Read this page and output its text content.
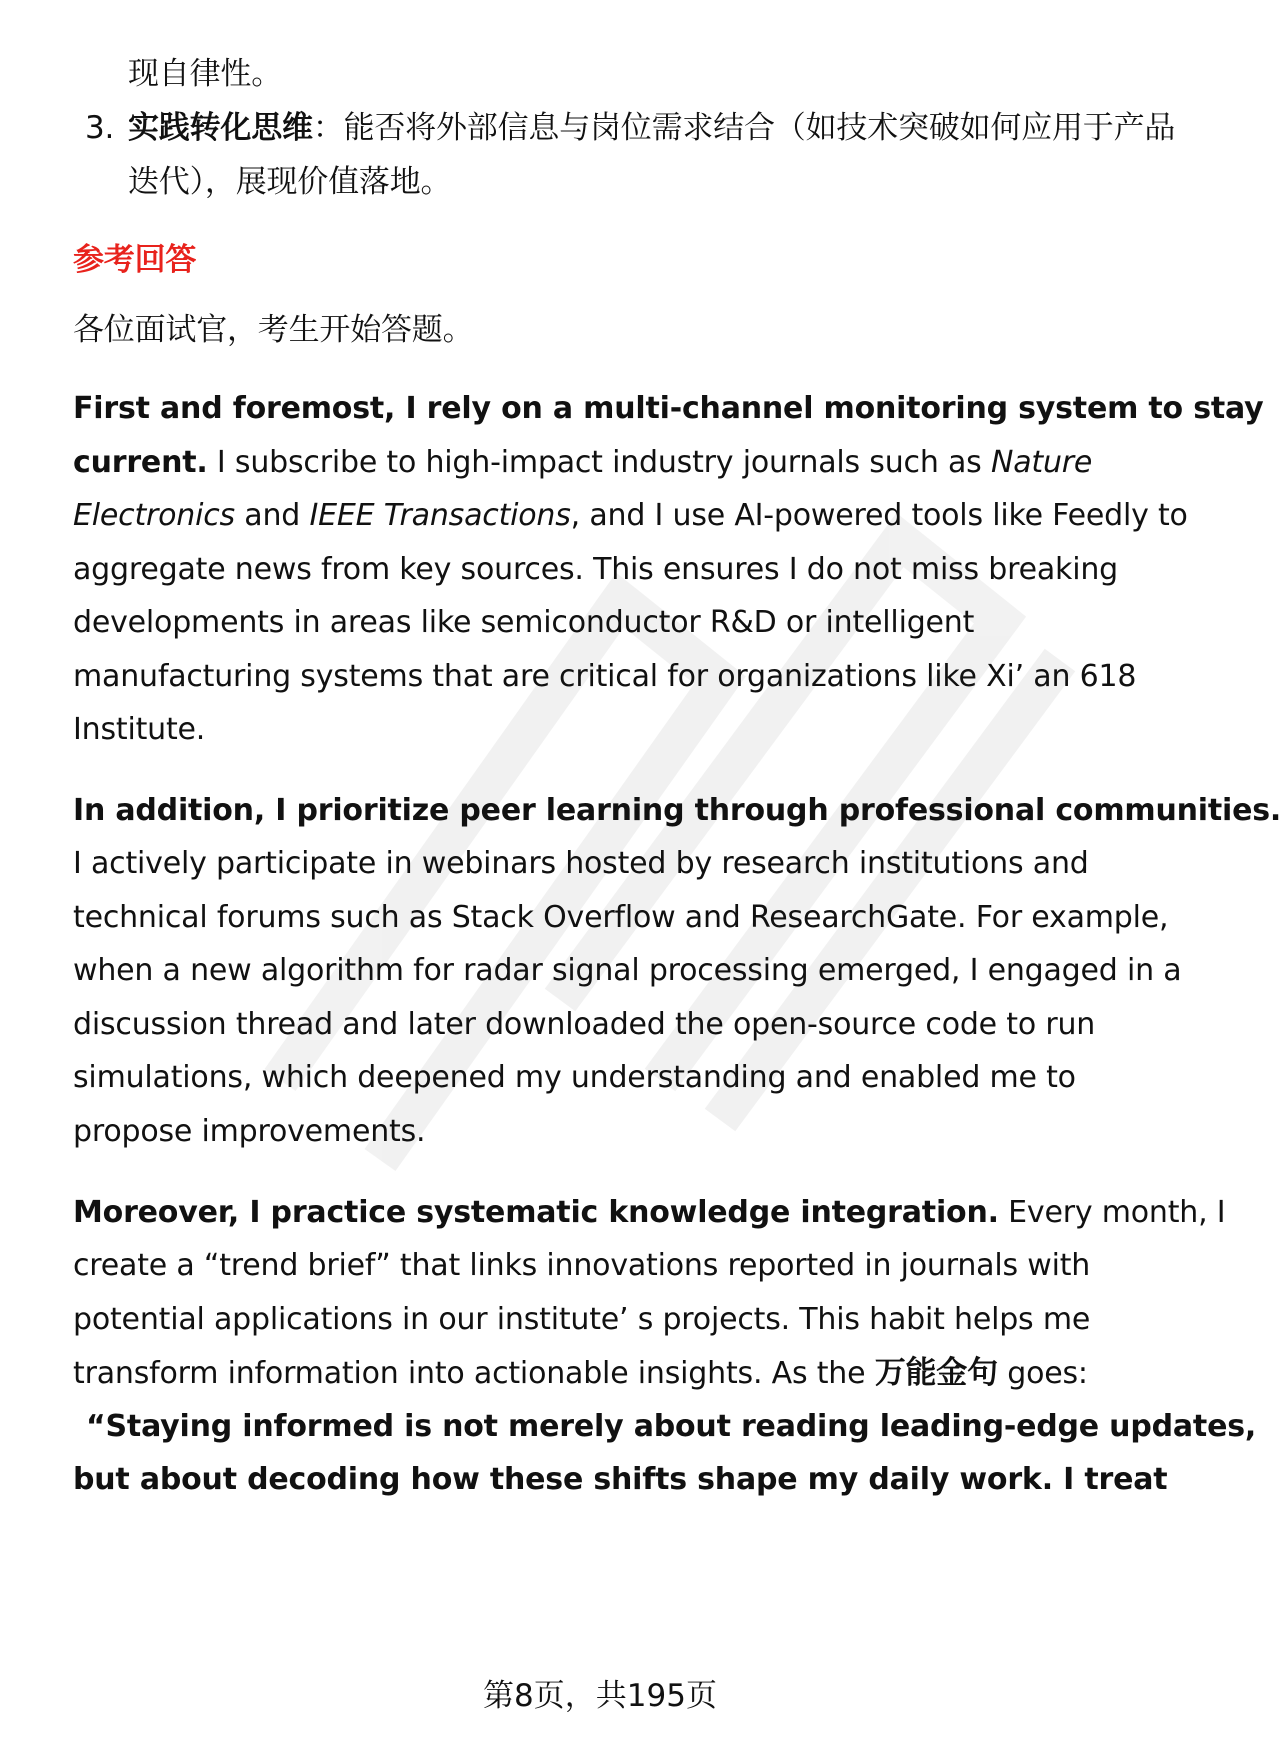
现自律性。
3. 实践转化思维：能否将外部信息与岗位需求结合（如技术突破如何应用于产品
迭代），展现价值落地。
参考回答
各位面试官，考生开始答题。
First and foremost, I rely on a multi-channel monitoring system to stay
current. I subscribe to high-impact industry journals such as Nature
Electronics and IEEE Transactions, and I use AI-powered tools like Feedly to
aggregate news from key sources. This ensures I do not miss breaking
developments in areas like semiconductor R&D or intelligent
manufacturing systems that are critical for organizations like Xi’ an 618
Institute.
In addition, I prioritize peer learning through professional communities.
I actively participate in webinars hosted by research institutions and
technical forums such as Stack Overflow and ResearchGate. For example,
when a new algorithm for radar signal processing emerged, I engaged in a
discussion thread and later downloaded the open-source code to run
simulations, which deepened my understanding and enabled me to
propose improvements.
Moreover, I practice systematic knowledge integration. Every month, I
create a “trend brief” that links innovations reported in journals with
potential applications in our institute’ s projects. This habit helps me
transform information into actionable insights. As the 万能金句 goes:
“Staying informed is not merely about reading leading-edge updates,
but about decoding how these shifts shape my daily work. I treat
第8页，共195页
